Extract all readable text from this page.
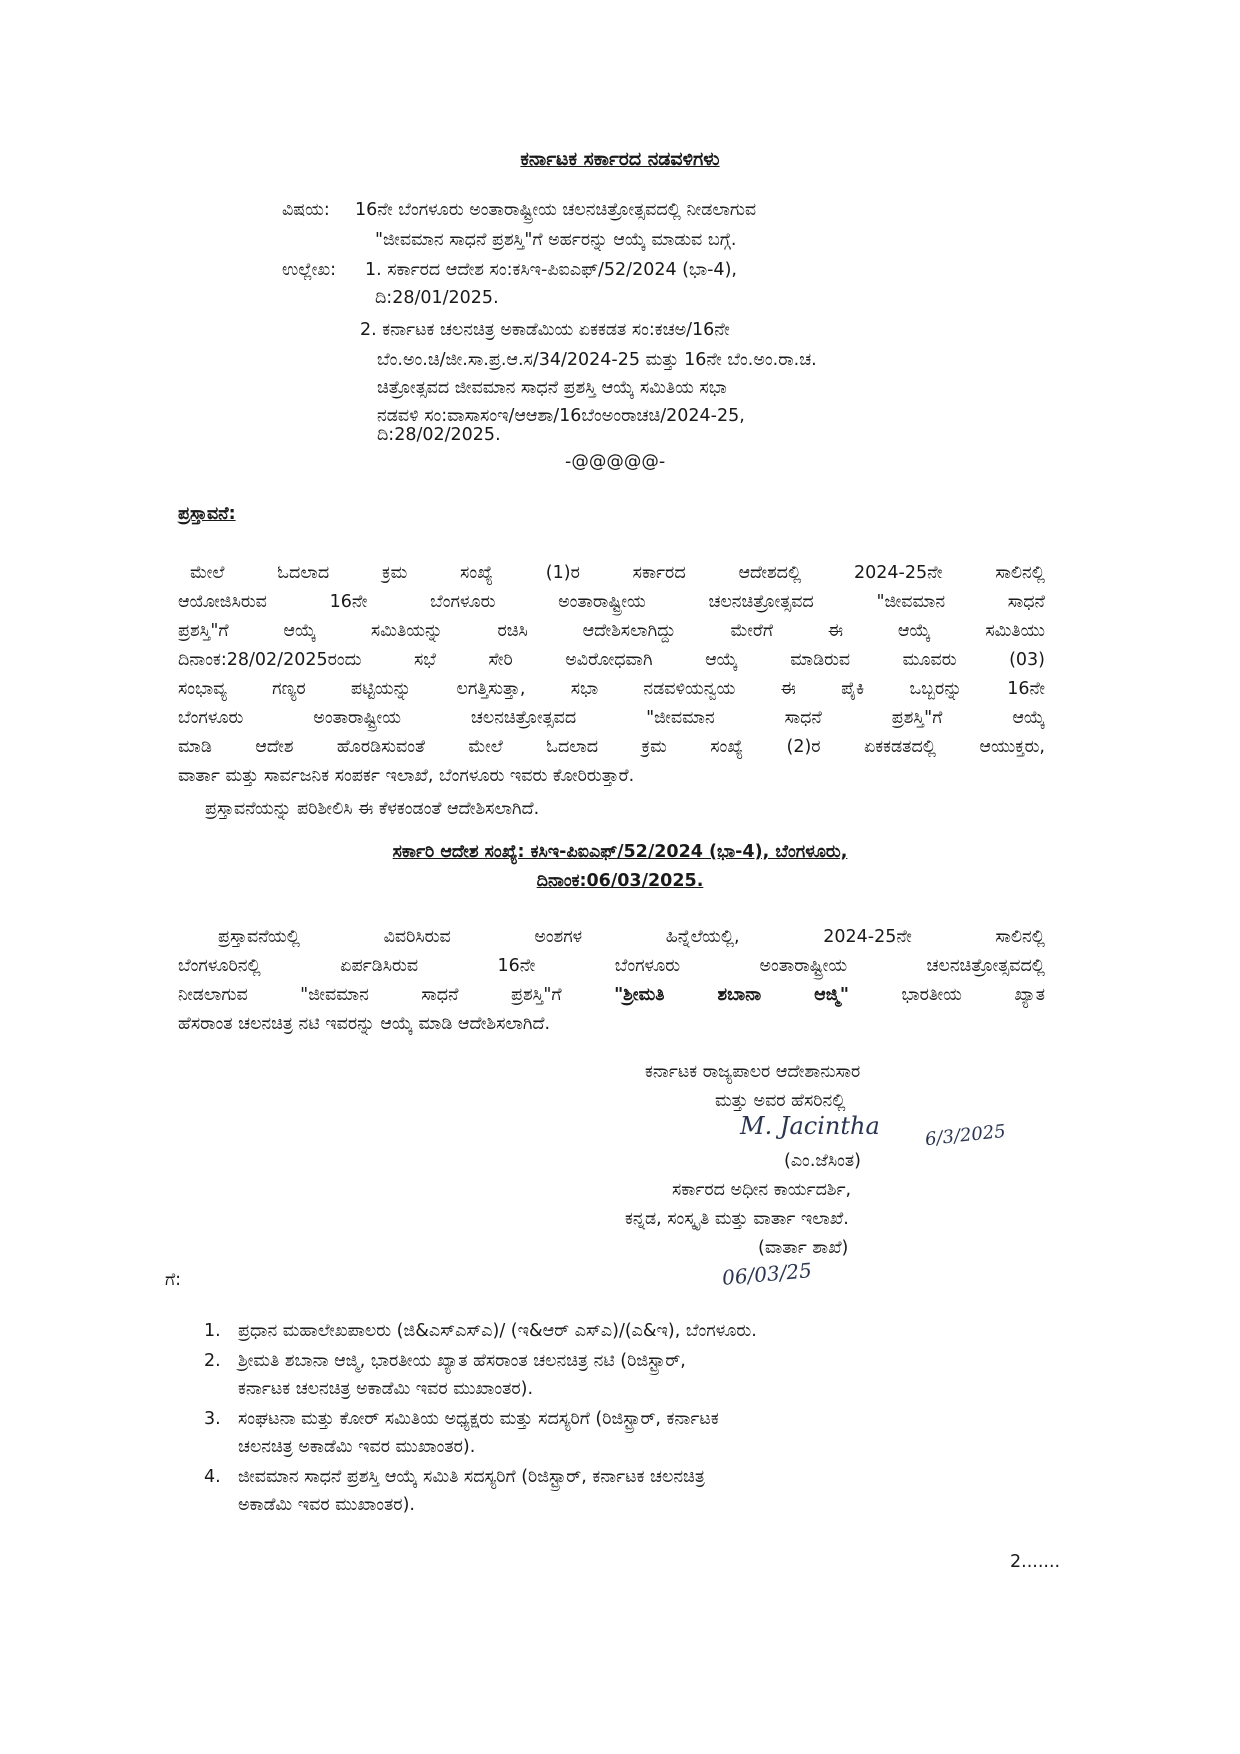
ಕರ್ನಾಟಕ ಸರ್ಕಾರದ ನಡವಳಿಗಳು
ವಿಷಯ: 16ನೇ ಬೆಂಗಳೂರು ಅಂತಾರಾಷ್ಟ್ರೀಯ ಚಲನಚಿತ್ರೋತ್ಸವದಲ್ಲಿ ನೀಡಲಾಗುವ
"ಜೀವಮಾನ ಸಾಧನೆ ಪ್ರಶಸ್ತಿ"ಗೆ ಅರ್ಹರನ್ನು ಆಯ್ಕೆ ಮಾಡುವ ಬಗ್ಗೆ.
ಉಲ್ಲೇಖ: 1. ಸರ್ಕಾರದ ಆದೇಶ ಸಂ:ಕಸಿಇ-ಪಿಐಎಫ್/52/2024 (ಭಾ-4),
ದಿ:28/01/2025.
2. ಕರ್ನಾಟಕ ಚಲನಚಿತ್ರ ಅಕಾಡೆಮಿಯ ಏಕಕಡತ ಸಂ:ಕಚಅ/16ನೇ
ಬೆಂ.ಅಂ.ಚಿ/ಜೀ.ಸಾ.ಪ್ರ.ಆ.ಸ/34/2024-25 ಮತ್ತು 16ನೇ ಬೆಂ.ಅಂ.ರಾ.ಚ.
ಚಿತ್ರೋತ್ಸವದ ಜೀವಮಾನ ಸಾಧನೆ ಪ್ರಶಸ್ತಿ ಆಯ್ಕೆ ಸಮಿತಿಯ ಸಭಾ
ನಡವಳಿ ಸಂ:ವಾಸಾಸಂಇ/ಆಆಶಾ/16ಬೆಂಅಂರಾಚಚಿ/2024-25,
ದಿ:28/02/2025.
-@@@@@-
ಪ್ರಸ್ತಾವನೆ:
ಮೇಲೆ ಓದಲಾದ ಕ್ರಮ ಸಂಖ್ಯೆ (1)ರ ಸರ್ಕಾರದ ಆದೇಶದಲ್ಲಿ 2024-25ನೇ ಸಾಲಿನಲ್ಲಿ
ಆಯೋಜಿಸಿರುವ 16ನೇ ಬೆಂಗಳೂರು ಅಂತಾರಾಷ್ಟ್ರೀಯ ಚಲನಚಿತ್ರೋತ್ಸವದ "ಜೀವಮಾನ ಸಾಧನೆ
ಪ್ರಶಸ್ತಿ"ಗೆ ಆಯ್ಕೆ ಸಮಿತಿಯನ್ನು ರಚಿಸಿ ಆದೇಶಿಸಲಾಗಿದ್ದು ಮೇರೆಗೆ ಈ ಆಯ್ಕೆ ಸಮಿತಿಯು
ದಿನಾಂಕ:28/02/2025ರಂದು ಸಭೆ ಸೇರಿ ಅವಿರೋಧವಾಗಿ ಆಯ್ಕೆ ಮಾಡಿರುವ ಮೂವರು (03)
ಸಂಭಾವ್ಯ ಗಣ್ಯರ ಪಟ್ಟಿಯನ್ನು ಲಗತ್ತಿಸುತ್ತಾ, ಸಭಾ ನಡವಳಿಯನ್ವಯ ಈ ಪೈಕಿ ಒಬ್ಬರನ್ನು 16ನೇ
ಬೆಂಗಳೂರು ಅಂತಾರಾಷ್ಟ್ರೀಯ ಚಲನಚಿತ್ರೋತ್ಸವದ "ಜೀವಮಾನ ಸಾಧನೆ ಪ್ರಶಸ್ತಿ"ಗೆ ಆಯ್ಕೆ
ಮಾಡಿ ಆದೇಶ ಹೊರಡಿಸುವಂತೆ ಮೇಲೆ ಓದಲಾದ ಕ್ರಮ ಸಂಖ್ಯೆ (2)ರ ಏಕಕಡತದಲ್ಲಿ ಆಯುಕ್ತರು,
ವಾರ್ತಾ ಮತ್ತು ಸಾರ್ವಜನಿಕ ಸಂಪರ್ಕ ಇಲಾಖೆ, ಬೆಂಗಳೂರು ಇವರು ಕೋರಿರುತ್ತಾರೆ.
ಪ್ರಸ್ತಾವನೆಯನ್ನು ಪರಿಶೀಲಿಸಿ ಈ ಕೆಳಕಂಡಂತೆ ಆದೇಶಿಸಲಾಗಿದೆ.
ಸರ್ಕಾರಿ ಆದೇಶ ಸಂಖ್ಯೆ: ಕಸಿಇ-ಪಿಐಎಫ್/52/2024 (ಭಾ-4), ಬೆಂಗಳೂರು,
ದಿನಾಂಕ:06/03/2025.
ಪ್ರಸ್ತಾವನೆಯಲ್ಲಿ ವಿವರಿಸಿರುವ ಅಂಶಗಳ ಹಿನ್ನೆಲೆಯಲ್ಲಿ, 2024-25ನೇ ಸಾಲಿನಲ್ಲಿ
ಬೆಂಗಳೂರಿನಲ್ಲಿ ಏರ್ಪಡಿಸಿರುವ 16ನೇ ಬೆಂಗಳೂರು ಅಂತಾರಾಷ್ಟ್ರೀಯ ಚಲನಚಿತ್ರೋತ್ಸವದಲ್ಲಿ
ನೀಡಲಾಗುವ "ಜೀವಮಾನ ಸಾಧನೆ ಪ್ರಶಸ್ತಿ"ಗೆ "ಶ್ರೀಮತಿ ಶಬಾನಾ ಆಜ್ಮಿ" ಭಾರತೀಯ ಖ್ಯಾತ
ಹೆಸರಾಂತ ಚಲನಚಿತ್ರ ನಟಿ ಇವರನ್ನು ಆಯ್ಕೆ ಮಾಡಿ ಆದೇಶಿಸಲಾಗಿದೆ.
ಕರ್ನಾಟಕ ರಾಜ್ಯಪಾಲರ ಆದೇಶಾನುಸಾರ
ಮತ್ತು ಅವರ ಹೆಸರಿನಲ್ಲಿ
M. Jacintha 6/3/2025
(ಎಂ.ಜೆಸಿಂತ)
ಸರ್ಕಾರದ ಅಧೀನ ಕಾರ್ಯದರ್ಶಿ,
ಕನ್ನಡ, ಸಂಸ್ಕೃತಿ ಮತ್ತು ವಾರ್ತಾ ಇಲಾಖೆ.
(ವಾರ್ತಾ ಶಾಖೆ)
06/03/25
ಗೆ:
1. ಪ್ರಧಾನ ಮಹಾಲೇಖಪಾಲರು (ಜಿ&ಎಸ್ಎಸ್ಎ)/ (ಇ&ಆರ್ ಎಸ್ಎ)/(ಎ&ಇ), ಬೆಂಗಳೂರು.
2. ಶ್ರೀಮತಿ ಶಬಾನಾ ಆಜ್ಮಿ, ಭಾರತೀಯ ಖ್ಯಾತ ಹೆಸರಾಂತ ಚಲನಚಿತ್ರ ನಟಿ (ರಿಜಿಸ್ಟ್ರಾರ್,
ಕರ್ನಾಟಕ ಚಲನಚಿತ್ರ ಅಕಾಡೆಮಿ ಇವರ ಮುಖಾಂತರ).
3. ಸಂಘಟನಾ ಮತ್ತು ಕೋರ್ ಸಮಿತಿಯ ಅಧ್ಯಕ್ಷರು ಮತ್ತು ಸದಸ್ಯರಿಗೆ (ರಿಜಿಸ್ಟ್ರಾರ್, ಕರ್ನಾಟಕ
ಚಲನಚಿತ್ರ ಅಕಾಡೆಮಿ ಇವರ ಮುಖಾಂತರ).
4. ಜೀವಮಾನ ಸಾಧನೆ ಪ್ರಶಸ್ತಿ ಆಯ್ಕೆ ಸಮಿತಿ ಸದಸ್ಯರಿಗೆ (ರಿಜಿಸ್ಟ್ರಾರ್, ಕರ್ನಾಟಕ ಚಲನಚಿತ್ರ
ಅಕಾಡೆಮಿ ಇವರ ಮುಖಾಂತರ).
2.......
